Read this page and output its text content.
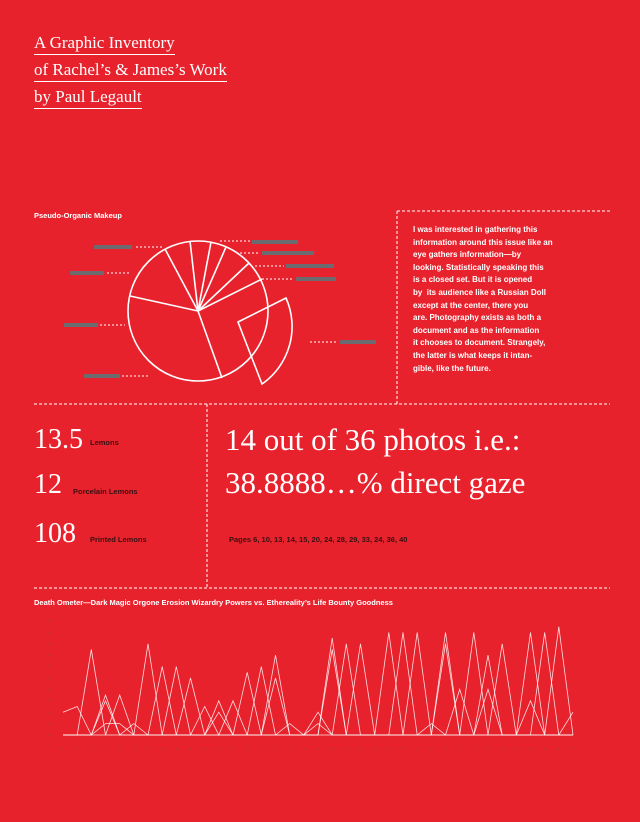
A Graphic Inventory
of Rachel’s & James’s Work
by Paul Legault
Pseudo-Organic Makeup
I was interested in gathering this
information around this issue like an
eye gathers information—by
looking. Statistically speaking this
is a closed set. But it is opened
by  its audience like a Russian Doll
except at the center, there you
are. Photography exists as both a
document and as the information
it chooses to document. Strangely,
the latter is what keeps it intan-
gible, like the future.
13.5 Lemons
12 Porcelain Lemons
108 Printed Lemons
14 out of 36 photos i.e.:
38.8888…% direct gaze
Pages 6, 10, 13, 14, 15, 20, 24, 28, 29, 33, 24, 36, 40
Death Ometer—Dark Magic Orgone Erosion Wizardry Powers vs. Ethereality’s Life Bounty Goodness
